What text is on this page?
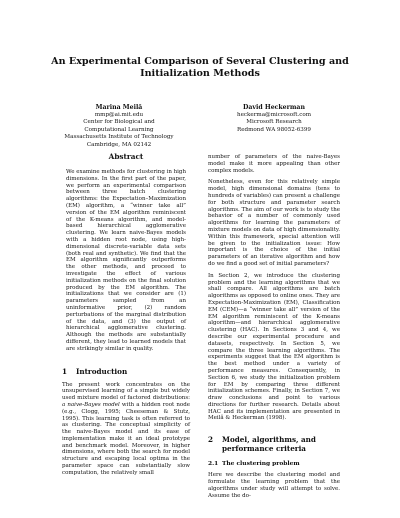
An Experimental Comparison of Several Clustering and
Initialization Methods
Marina Meilă
mmp@ai.mit.edu
Center for Biological and
Computational Learning
Massachusetts Institute of Technology
Cambridge, MA 02142
David Heckerman
heckerma@microsoft.com
Microsoft Research
Redmond WA 98052-6399
Abstract

We examine methods for clustering in high dimensions. In the first part of the paper, we perform an experimental comparison between three batch clustering algorithms: the Expectation–Maximization (EM) algorithm, a “winner take all” version of the EM algorithm reminiscent of the K-means algorithm, and model-based hierarchical agglomerative clustering. We learn naive-Bayes models with a hidden root node, using high-dimensional discrete-variable data sets (both real and synthetic). We find that the EM algorithm significantly outperforms the other methods, and proceed to investigate the effect of various initialization methods on the final solution produced by the EM algorithm. The initializations that we consider are (1) parameters sampled from an uninformative prior, (2) random perturbations of the marginal distribution of the data, and (3) the output of hierarchical agglomerative clustering. Although the methods are substantially different, they lead to learned models that are strikingly similar in quality.

1 Introduction

The present work concentrates on the unsupervised learning of a simple but widely used mixture model of factored distributions: a naive-Bayes model with a hidden root node (e.g., Clogg, 1995; Cheeseman & Stutz, 1995). This learning task is often referred to as clustering. The conceptual simplicity of the naive-Bayes model and its ease of implementation make it an ideal prototype and benchmark model. Moreover, in higher dimensions, where both the search for model structure and escaping local optima in the parameter space can substantially slow computation, the relatively small

number of parameters of the naive-Bayes model make it more appealing than other complex models.

Nonetheless, even for this relatively simple model, high dimensional domains (tens to hundreds of variables) can present a challenge for both structure and parameter search algorithms. The aim of our work is to study the behavior of a number of commonly used algorithms for learning the parameters of mixture models on data of high dimensionality. Within this framework, special attention will be given to the initialization issue: How important is the choice of the initial parameters of an iterative algorithm and how do we find a good set of initial parameters?

In Section 2, we introduce the clustering problem and the learning algorithms that we shall compare. All algorithms are batch algorithms as opposed to online ones. They are Expectation-Maximization (EM), Classification EM (CEM)—a “winner take all” version of the EM algorithm reminiscent of the K-means algorithm—and hierarchical agglomerative clustering (HAC). In Sections 3 and 4, we describe our experimental procedure and datasets, respectively. In Section 5, we compare the three learning algorithms. The experiments suggest that the EM algorithm is the best method under a variety of performance measures. Consequently, in Section 6, we study the initialization problem for EM by comparing three different initialization schemes. Finally, in Section 7, we draw conclusions and point to various directions for further research. Details about HAC and its implementation are presented in Meilă & Heckerman (1998).

2 Model, algorithms, and
performance criteria
2.1 The clustering problem

Here we describe the clustering model and formulate the learning problem that the algorithms under study will attempt to solve. Assume the do-
